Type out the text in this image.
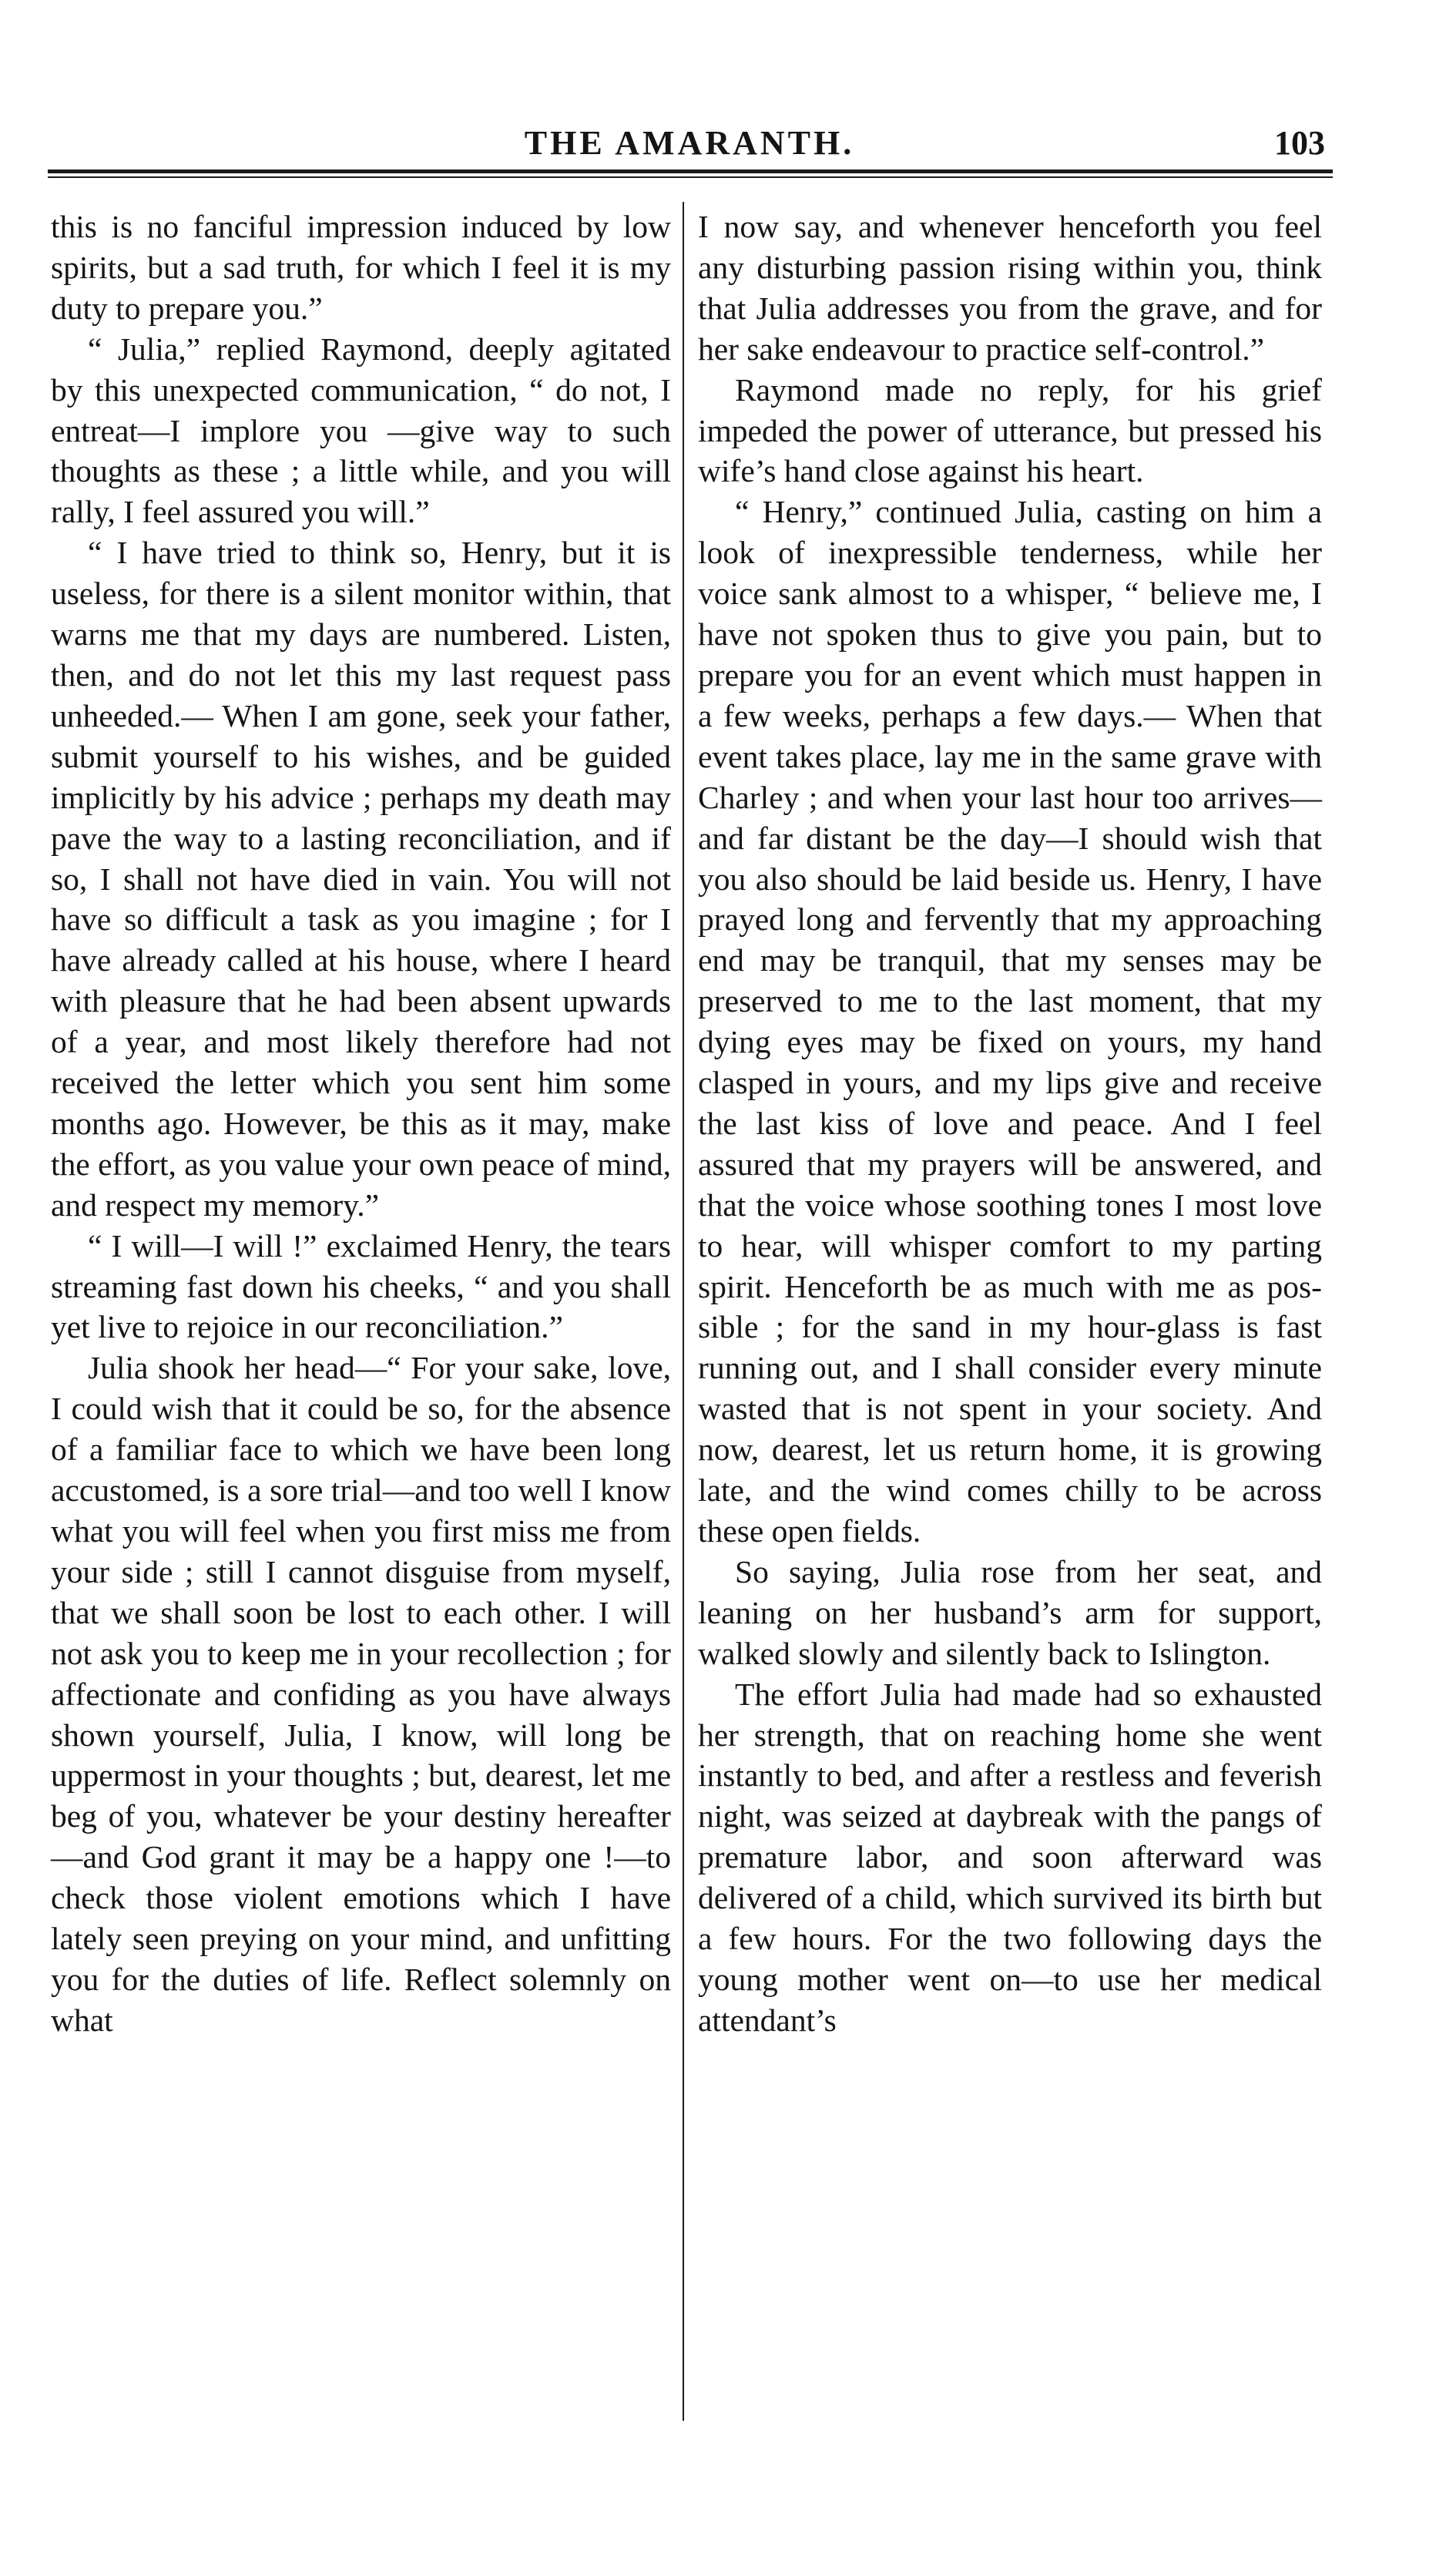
THE AMARANTH.	103

this is no fanciful impression induced by low spirits, but a sad truth, for which I feel it is my duty to prepare you.”

“ Julia,” replied Raymond, deeply agitated by this unexpected communication, “ do not, I entreat—I implore you —give way to such thoughts as these ; a little while, and you will rally, I feel assured you will.”

“ I have tried to think so, Henry, but it is useless, for there is a silent monitor within, that warns me that my days are numbered. Listen, then, and do not let this my last request pass unheeded.— When I am gone, seek your father, submit yourself to his wishes, and be guided implicitly by his advice ; perhaps my death may pave the way to a lasting reconciliation, and if so, I shall not have died in vain. You will not have so difficult a task as you imagine ; for I have already called at his house, where I heard with pleasure that he had been absent upwards of a year, and most likely therefore had not received the letter which you sent him some months ago. However, be this as it may, make the effort, as you value your own peace of mind, and respect my memory.”

“ I will—I will !” exclaimed Henry, the tears streaming fast down his cheeks, “ and you shall yet live to rejoice in our reconciliation.”

Julia shook her head—“ For your sake, love, I could wish that it could be so, for the absence of a familiar face to which we have been long accustomed, is a sore trial—and too well I know what you will feel when you first miss me from your side ; still I cannot disguise from myself, that we shall soon be lost to each other. I will not ask you to keep me in your recollection ; for affectionate and confiding as you have always shown yourself, Julia, I know, will long be uppermost in your thoughts ; but, dearest, let me beg of you, whatever be your destiny hereafter —and God grant it may be a happy one !—to check those violent emotions which I have lately seen preying on your mind, and unfitting you for the duties of life. Reflect solemnly on what

I now say, and whenever henceforth you feel any disturbing passion rising within you, think that Julia addresses you from the grave, and for her sake endeavour to practice self-control.”

Raymond made no reply, for his grief impeded the power of utterance, but pressed his wife’s hand close against his heart.

“ Henry,” continued Julia, casting on him a look of inexpressible tenderness, while her voice sank almost to a whisper, “ believe me, I have not spoken thus to give you pain, but to prepare you for an event which must happen in a few weeks, perhaps a few days.— When that event takes place, lay me in the same grave with Charley ; and when your last hour too arrives—and far distant be the day—I should wish that you also should be laid beside us. Henry, I have prayed long and fervently that my approaching end may be tranquil, that my senses may be preserved to me to the last moment, that my dying eyes may be fixed on yours, my hand clasped in yours, and my lips give and receive the last kiss of love and peace. And I feel assured that my prayers will be answered, and that the voice whose soothing tones I most love to hear, will whisper comfort to my parting spirit. Henceforth be as much with me as possible ; for the sand in my hour-glass is fast running out, and I shall consider every minute wasted that is not spent in your society. And now, dearest, let us return home, it is growing late, and the wind comes chilly to be across these open fields.

So saying, Julia rose from her seat, and leaning on her husband’s arm for support, walked slowly and silently back to Islington.

The effort Julia had made had so exhausted her strength, that on reaching home she went instantly to bed, and after a restless and feverish night, was seized at daybreak with the pangs of premature labor, and soon afterward was delivered of a child, which survived its birth but a few hours. For the two following days the young mother went on—to use her medical attendant’s
